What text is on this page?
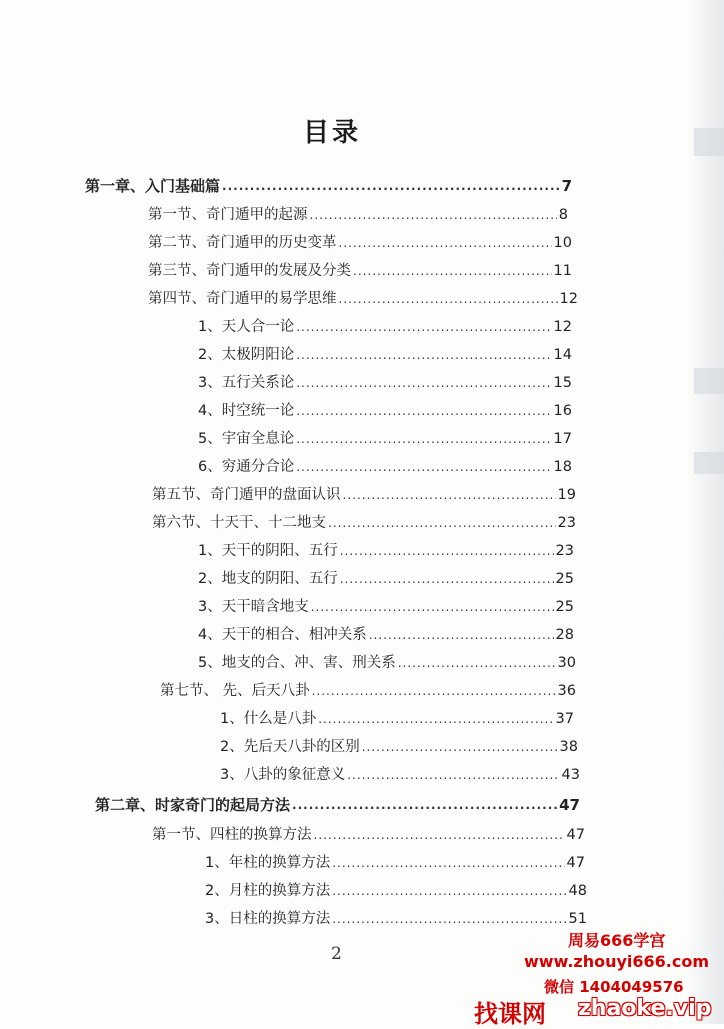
目录
第一章、入门基础篇 .....	7
第一节、奇门遁甲的起源 .....	8
第二节、奇门遁甲的历史变革 .....	10
第三节、奇门遁甲的发展及分类 .....	11
第四节、奇门遁甲的易学思维 .....	12
1、天人合一论 .....	12
2、太极阴阳论 .....	14
3、五行关系论 .....	15
4、时空统一论 .....	16
5、宇宙全息论 .....	17
6、穷通分合论 .....	18
第五节、奇门遁甲的盘面认识 .....	19
第六节、十天干、十二地支 .....	23
1、天干的阴阳、五行 .....	23
2、地支的阴阳、五行 .....	25
3、天干暗含地支 .....	25
4、天干的相合、相冲关系 .....	28
5、地支的合、冲、害、刑关系 .....	30
第七节、 先、后天八卦 .....	36
1、什么是八卦 .....	37
2、先后天八卦的区别 .....	38
3、八卦的象征意义 .....	43
第二章、时家奇门的起局方法 .....	47
第一节、四柱的换算方法 .....	47
1、年柱的换算方法 .....	47
2、月柱的换算方法 .....	48
3、日柱的换算方法 .....	51
2
周易666学宫
www.zhouyi666.com
微信 1404049576
找课网 zhaoke.vip
